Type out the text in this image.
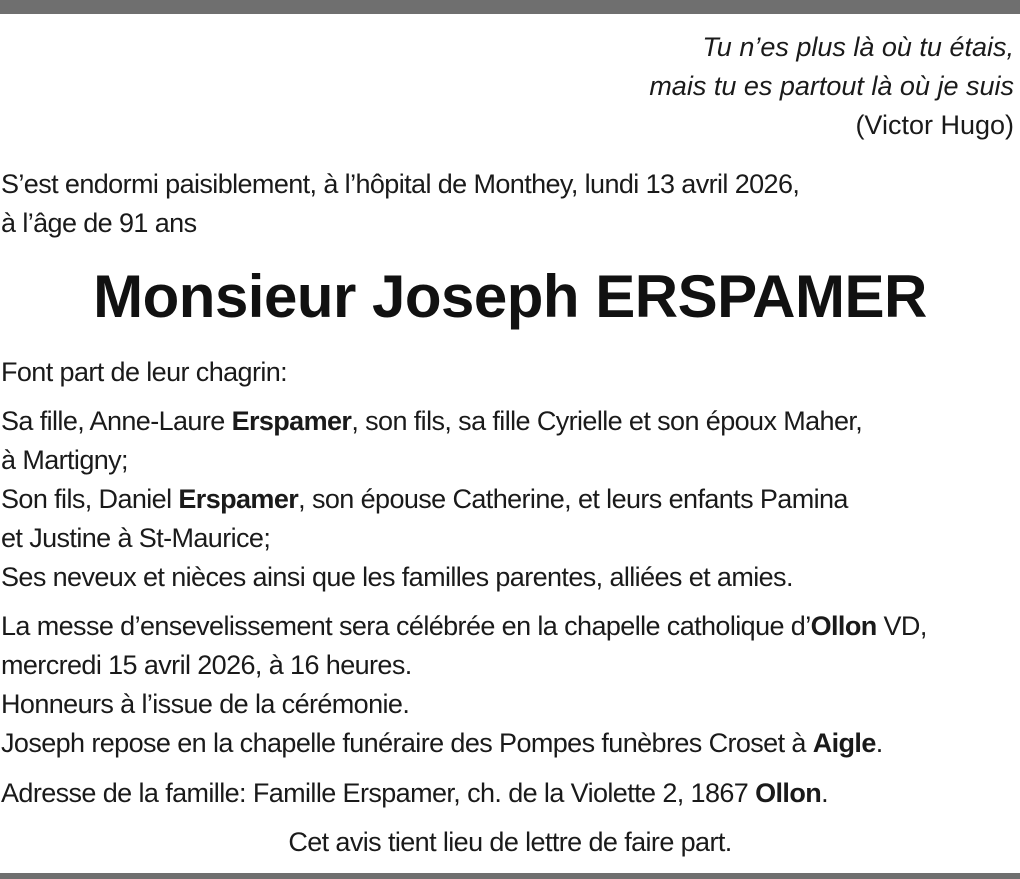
Tu n’es plus là où tu étais,
mais tu es partout là où je suis
(Victor Hugo)
S’est endormi paisiblement, à l’hôpital de Monthey, lundi 13 avril 2026,
à l’âge de 91 ans
Monsieur Joseph ERSPAMER
Font part de leur chagrin:
Sa fille, Anne-Laure Erspamer, son fils, sa fille Cyrielle et son époux Maher,
à Martigny;
Son fils, Daniel Erspamer, son épouse Catherine, et leurs enfants Pamina
et Justine à St-Maurice;
Ses neveux et nièces ainsi que les familles parentes, alliées et amies.
La messe d’ensevelissement sera célébrée en la chapelle catholique d’Ollon VD,
mercredi 15 avril 2026, à 16 heures.
Honneurs à l’issue de la cérémonie.
Joseph repose en la chapelle funéraire des Pompes funèbres Croset à Aigle.
Adresse de la famille: Famille Erspamer, ch. de la Violette 2, 1867 Ollon.
Cet avis tient lieu de lettre de faire part.
